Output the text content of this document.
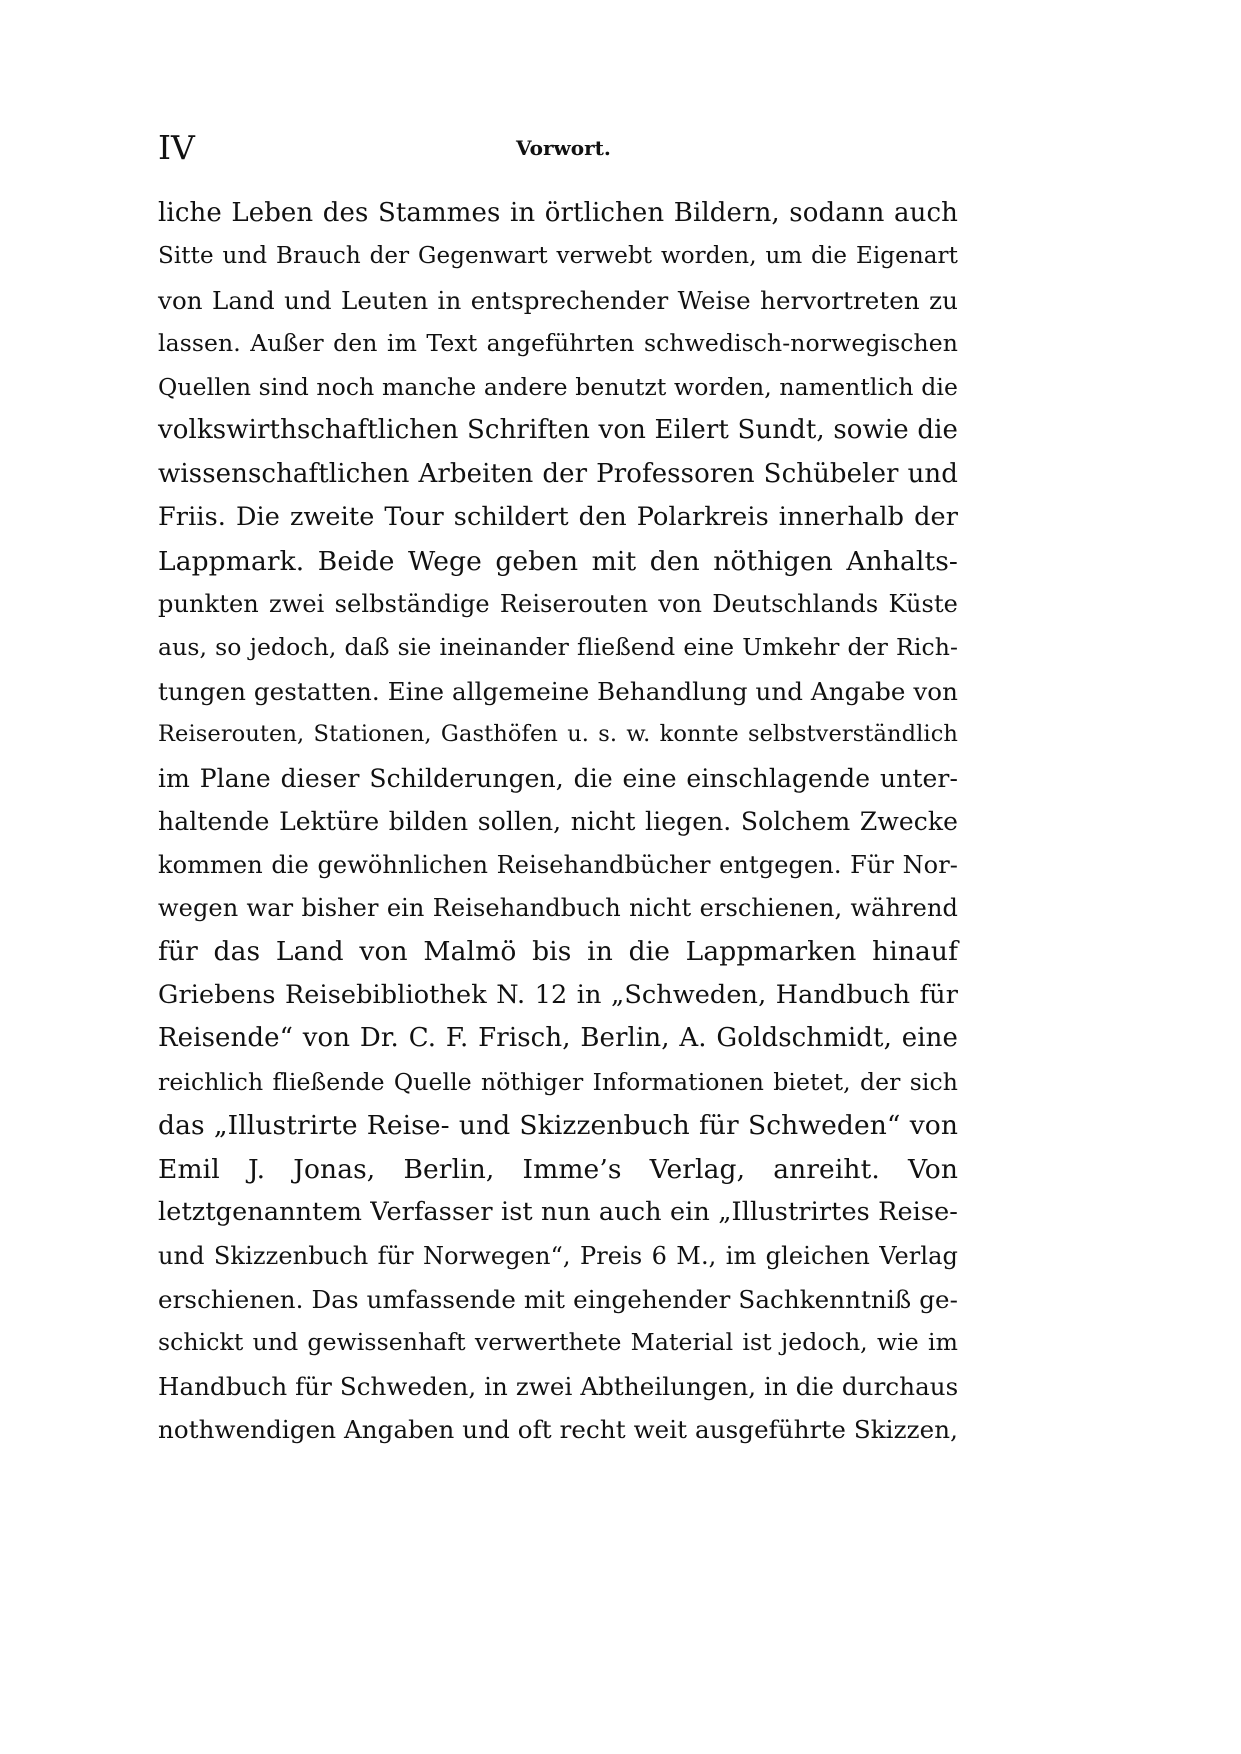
IV	Vorwort.
liche Leben des Stammes in örtlichen Bildern, sodann auch
Sitte und Brauch der Gegenwart verwebt worden, um die Eigenart
von Land und Leuten in entsprechender Weise hervortreten zu
lassen. Außer den im Text angeführten schwedisch-norwegischen
Quellen sind noch manche andere benutzt worden, namentlich die
volkswirthschaftlichen Schriften von Eilert Sundt, sowie die
wissenschaftlichen Arbeiten der Professoren Schübeler und
Friis. Die zweite Tour schildert den Polarkreis innerhalb der
Lappmark. Beide Wege geben mit den nöthigen Anhalts-
punkten zwei selbständige Reiserouten von Deutschlands Küste
aus, so jedoch, daß sie ineinander fließend eine Umkehr der Rich-
tungen gestatten. Eine allgemeine Behandlung und Angabe von
Reiserouten, Stationen, Gasthöfen u. s. w. konnte selbstverständlich
im Plane dieser Schilderungen, die eine einschlagende unter-
haltende Lektüre bilden sollen, nicht liegen. Solchem Zwecke
kommen die gewöhnlichen Reisehandbücher entgegen. Für Nor-
wegen war bisher ein Reisehandbuch nicht erschienen, während
für das Land von Malmö bis in die Lappmarken hinauf
Griebens Reisebibliothek N. 12 in „Schweden, Handbuch für
Reisende“ von Dr. C. F. Frisch, Berlin, A. Goldschmidt, eine
reichlich fließende Quelle nöthiger Informationen bietet, der sich
das „Illustrirte Reise- und Skizzenbuch für Schweden“ von
Emil J. Jonas, Berlin, Imme’s Verlag, anreiht. Von
letztgenanntem Verfasser ist nun auch ein „Illustrirtes Reise-
und Skizzenbuch für Norwegen“, Preis 6 M., im gleichen Verlag
erschienen. Das umfassende mit eingehender Sachkenntniß ge-
schickt und gewissenhaft verwerthete Material ist jedoch, wie im
Handbuch für Schweden, in zwei Abtheilungen, in die durchaus
nothwendigen Angaben und oft recht weit ausgeführte Skizzen,
